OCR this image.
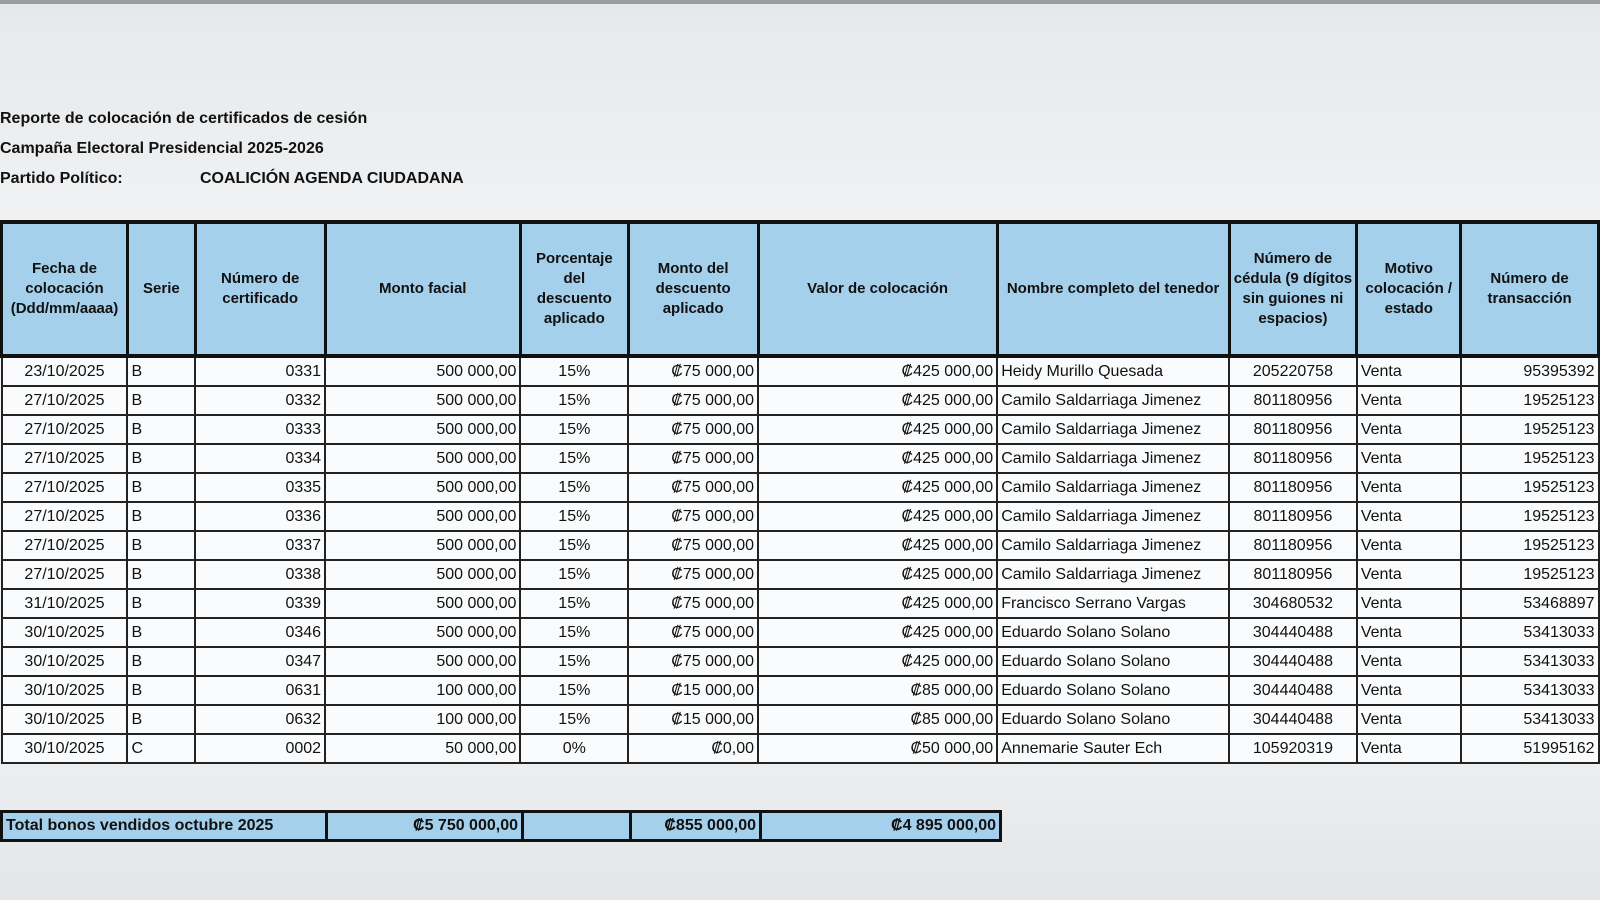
Reporte de colocación de certificados de cesión
Campaña Electoral Presidencial 2025-2026
Partido Político:	COALICIÓN AGENDA CIUDADANA
Fecha de colocación (Ddd/mm/aaaa)	Serie	Número de certificado	Monto facial	Porcentaje del descuento aplicado	Monto del descuento aplicado	Valor de colocación	Nombre completo del tenedor	Número de cédula (9 dígitos sin guiones ni espacios)	Motivo colocación / estado	Número de transacción
23/10/2025	B	0331	500 000,00	15%	₡75 000,00	₡425 000,00	Heidy Murillo Quesada	205220758	Venta	95395392
27/10/2025	B	0332	500 000,00	15%	₡75 000,00	₡425 000,00	Camilo Saldarriaga Jimenez	801180956	Venta	19525123
27/10/2025	B	0333	500 000,00	15%	₡75 000,00	₡425 000,00	Camilo Saldarriaga Jimenez	801180956	Venta	19525123
27/10/2025	B	0334	500 000,00	15%	₡75 000,00	₡425 000,00	Camilo Saldarriaga Jimenez	801180956	Venta	19525123
27/10/2025	B	0335	500 000,00	15%	₡75 000,00	₡425 000,00	Camilo Saldarriaga Jimenez	801180956	Venta	19525123
27/10/2025	B	0336	500 000,00	15%	₡75 000,00	₡425 000,00	Camilo Saldarriaga Jimenez	801180956	Venta	19525123
27/10/2025	B	0337	500 000,00	15%	₡75 000,00	₡425 000,00	Camilo Saldarriaga Jimenez	801180956	Venta	19525123
27/10/2025	B	0338	500 000,00	15%	₡75 000,00	₡425 000,00	Camilo Saldarriaga Jimenez	801180956	Venta	19525123
31/10/2025	B	0339	500 000,00	15%	₡75 000,00	₡425 000,00	Francisco Serrano Vargas	304680532	Venta	53468897
30/10/2025	B	0346	500 000,00	15%	₡75 000,00	₡425 000,00	Eduardo Solano Solano	304440488	Venta	53413033
30/10/2025	B	0347	500 000,00	15%	₡75 000,00	₡425 000,00	Eduardo Solano Solano	304440488	Venta	53413033
30/10/2025	B	0631	100 000,00	15%	₡15 000,00	₡85 000,00	Eduardo Solano Solano	304440488	Venta	53413033
30/10/2025	B	0632	100 000,00	15%	₡15 000,00	₡85 000,00	Eduardo Solano Solano	304440488	Venta	53413033
30/10/2025	C	0002	50 000,00	0%	₡0,00	₡50 000,00	Annemarie Sauter Ech	105920319	Venta	51995162
Total bonos vendidos octubre 2025	₡5 750 000,00		₡855 000,00	₡4 895 000,00
